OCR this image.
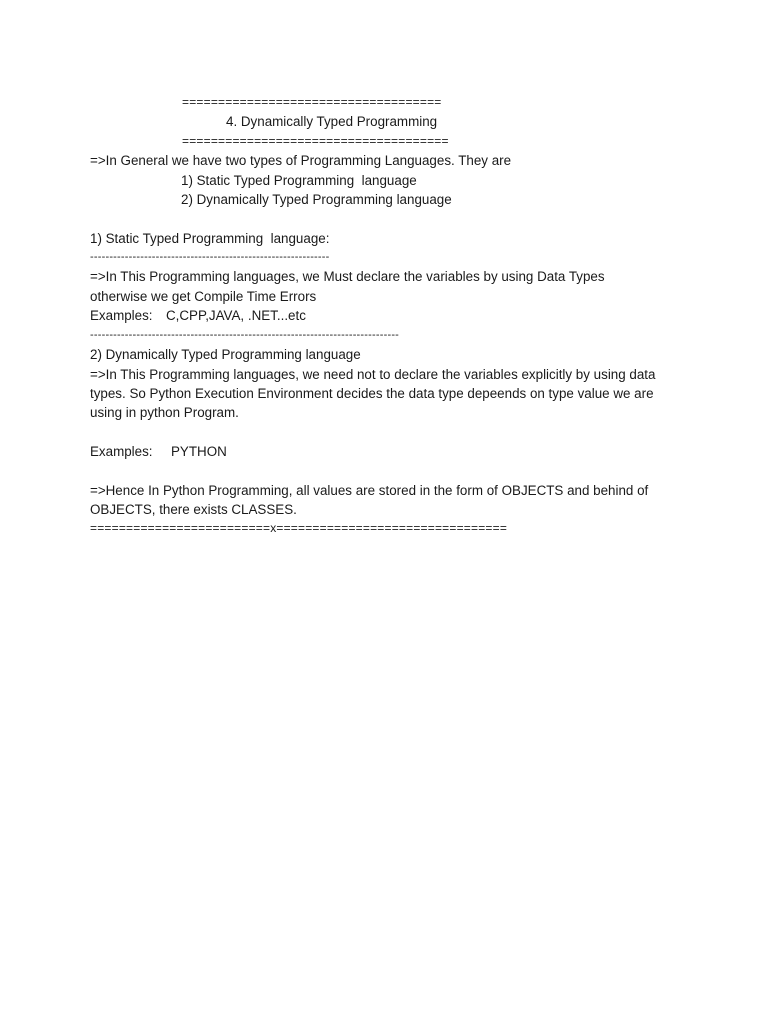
====================================
4. Dynamically Typed Programming
=====================================
=>In General we have two types of Programming Languages. They are
1) Static Typed Programming  language
2) Dynamically Typed Programming language
1) Static Typed Programming  language:
--------------------------------------------------------------
=>In This Programming languages, we Must declare the variables by using Data Types
otherwise we get Compile Time Errors
Examples: C,CPP,JAVA, .NET...etc
--------------------------------------------------------------------------------
2) Dynamically Typed Programming language
=>In This Programming languages, we need not to declare the variables explicitly by using data
types. So Python Execution Environment decides the data type depeends on type value we are
using in python Program.
Examples: PYTHON
=>Hence In Python Programming, all values are stored in the form of OBJECTS and behind of
OBJECTS, there exists CLASSES.
=========================x================================
